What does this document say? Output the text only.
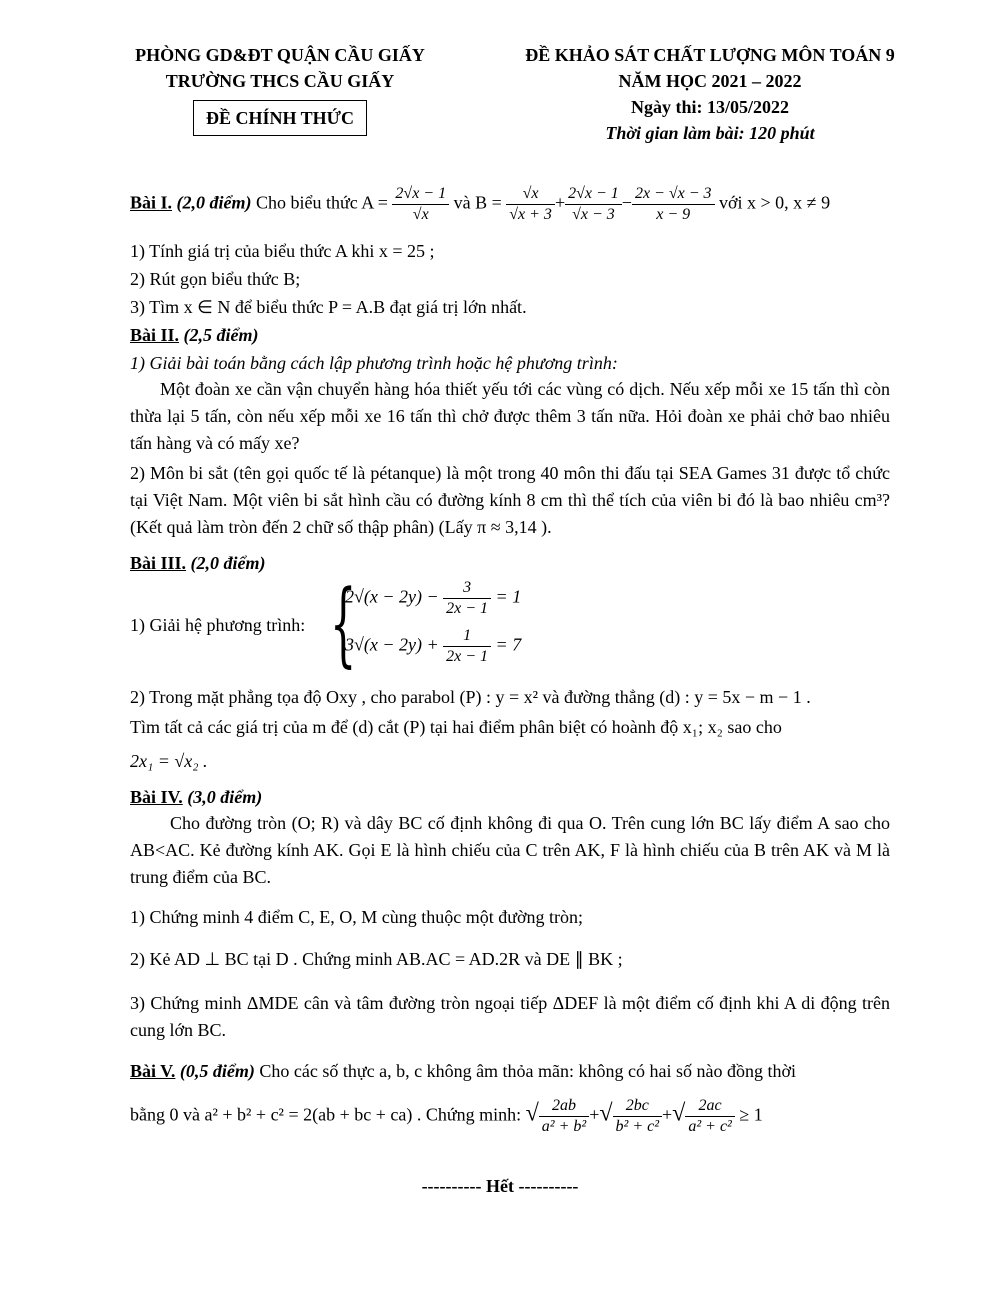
PHÒNG GD&ĐT QUẬN CẦU GIẤY
TRƯỜNG THCS CẦU GIẤY
ĐỀ CHÍNH THỨC
ĐỀ KHẢO SÁT CHẤT LƯỢNG MÔN TOÁN 9
NĂM HỌC 2021 – 2022
Ngày thi: 13/05/2022
Thời gian làm bài: 120 phút
Bài I. (2,0 điểm) Cho biểu thức $A = \frac{2√x - 1}{√x}$ và $B = \frac{√x}{√x + 3} + \frac{2√x - 1}{√x - 3} - \frac{2x - √x - 3}{x - 9}$ với x > 0, x ≠ 9
1) Tính giá trị của biểu thức A khi x = 25 ;
2) Rút gọn biểu thức B;
3) Tìm x ∈ N để biểu thức P = A.B đạt giá trị lớn nhất.
Bài II. (2,5 điểm)
1) Giải bài toán bằng cách lập phương trình hoặc hệ phương trình:
Một đoàn xe cần vận chuyển hàng hóa thiết yếu tới các vùng có dịch. Nếu xếp mỗi xe 15 tấn thì còn thừa lại 5 tấn, còn nếu xếp mỗi xe 16 tấn thì chở được thêm 3 tấn nữa. Hỏi đoàn xe phải chở bao nhiêu tấn hàng và có mấy xe?
2) Môn bi sắt (tên gọi quốc tế là pétanque) là một trong 40 môn thi đấu tại SEA Games 31 được tổ chức tại Việt Nam. Một viên bi sắt hình cầu có đường kính 8 cm thì thể tích của viên bi đó là bao nhiêu cm³? (Kết quả làm tròn đến 2 chữ số thập phân) (Lấy π ≈ 3,14 ).
Bài III. (2,0 điểm)
1) Giải hệ phương trình: {
$2√(x - 2y) - \frac{3}{2x - 1} = 1$
$3√(x - 2y) + \frac{1}{2x - 1} = 7$
2) Trong mặt phẳng tọa độ Oxy , cho parabol (P) : y = x² và đường thẳng (d) : y = 5x − m − 1 .
Tìm tất cả các giá trị của m để (d) cắt (P) tại hai điểm phân biệt có hoành độ x₁; x₂ sao cho
2x₁ = √x₂ .
Bài IV. (3,0 điểm)
Cho đường tròn (O; R) và dây BC cố định không đi qua O. Trên cung lớn BC lấy điểm A sao cho AB<AC. Kẻ đường kính AK. Gọi E là hình chiếu của C trên AK, F là hình chiếu của B trên AK và M là trung điểm của BC.
1) Chứng minh 4 điểm C, E, O, M cùng thuộc một đường tròn;
2) Kẻ AD ⊥ BC tại D . Chứng minh AB.AC = AD.2R và DE ∥ BK ;
3) Chứng minh ΔMDE cân và tâm đường tròn ngoại tiếp ΔDEF là một điểm cố định khi A di động trên cung lớn BC.
Bài V. (0,5 điểm) Cho các số thực a, b, c không âm thỏa mãn: không có hai số nào đồng thời
bằng 0 và a² + b² + c² = 2(ab + bc + ca) . Chứng minh: √ $\frac{2ab}{\text{a² + b²}}$ +√ $\frac{2bc}{\text{b² + c²}}$ +√ $\frac{2ac}{\text{a² + c²}} \ge 1$
---------- Hết ----------
